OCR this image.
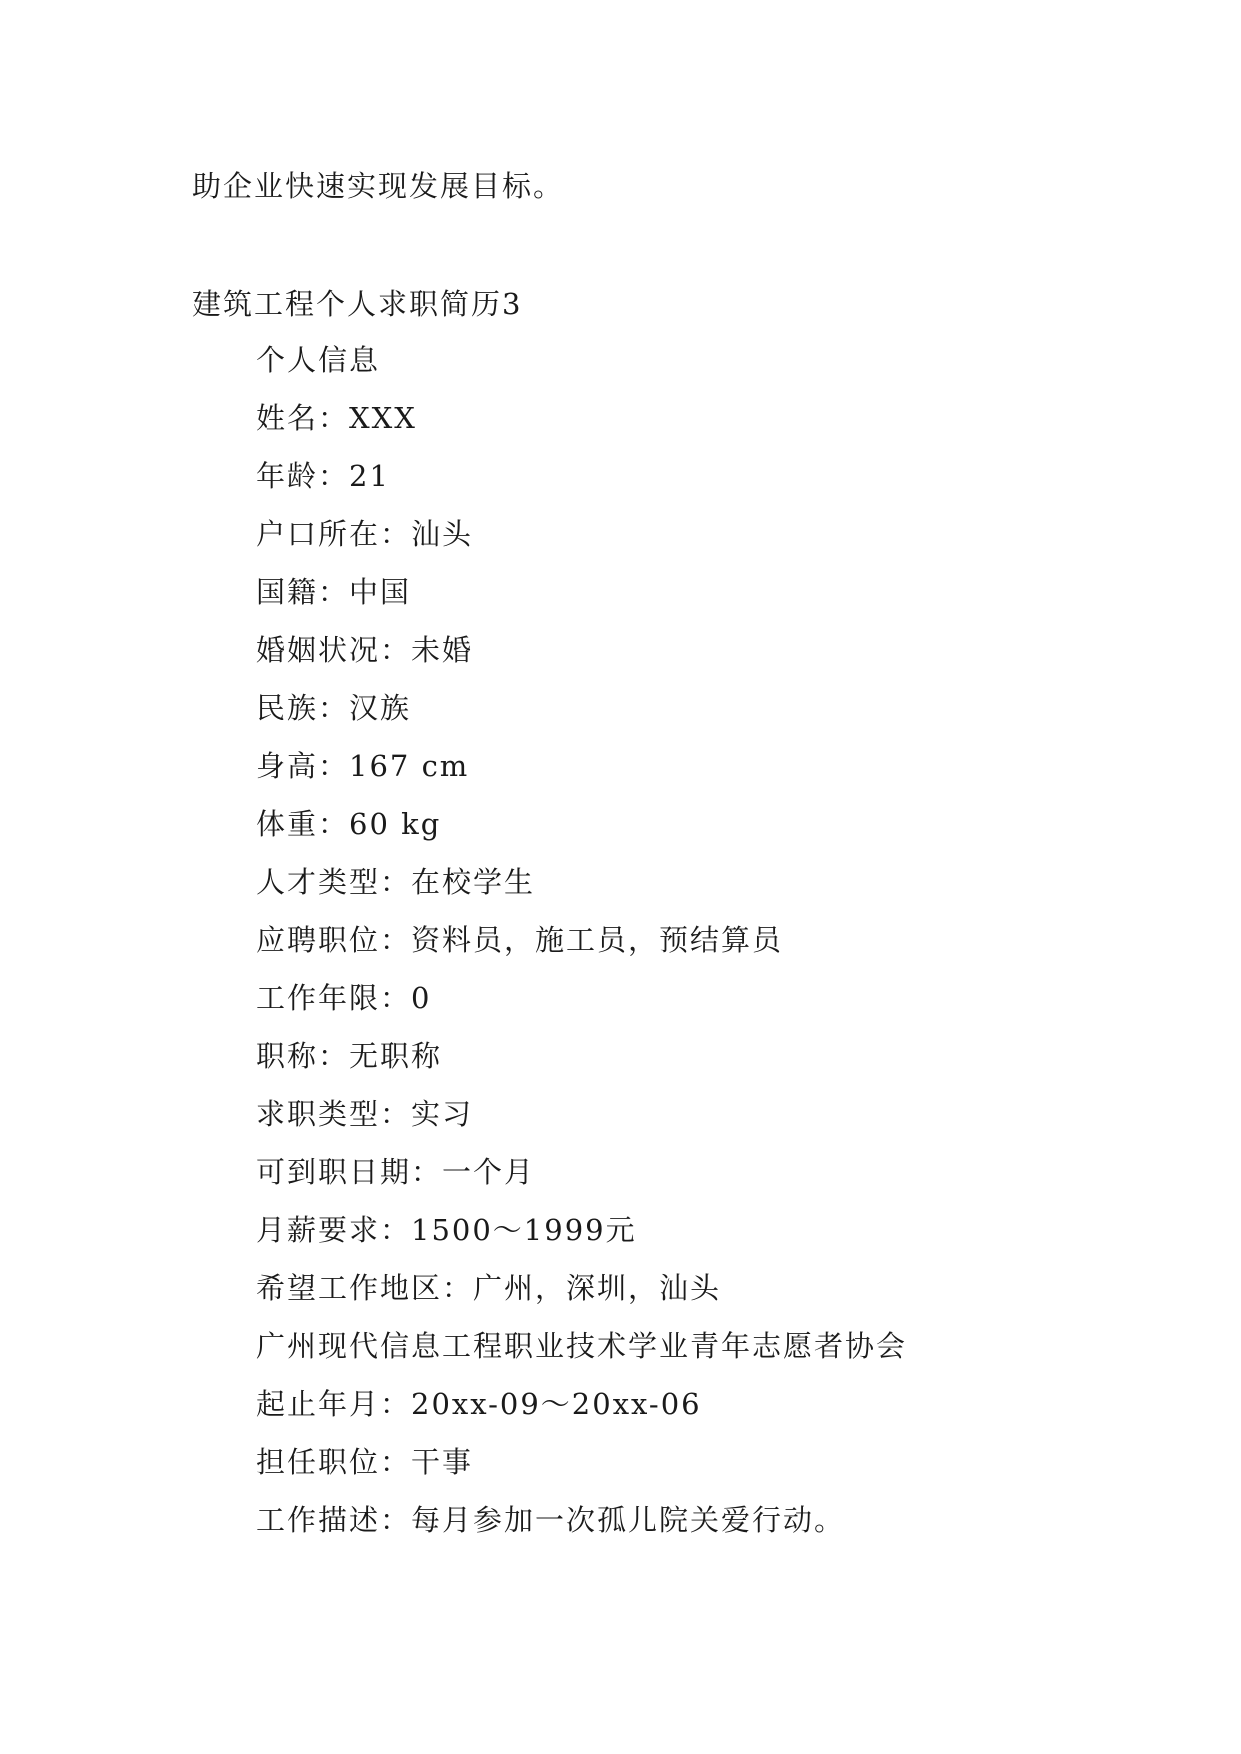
助企业快速实现发展目标。
建筑工程个人求职简历3
个人信息
姓名：XXX
年龄：21
户口所在：汕头
国籍：中国
婚姻状况：未婚
民族：汉族
身高：167 cm
体重：60 kg
人才类型：在校学生
应聘职位：资料员，施工员，预结算员
工作年限：0
职称：无职称
求职类型：实习
可到职日期：一个月
月薪要求：1500～1999元
希望工作地区：广州，深圳，汕头
广州现代信息工程职业技术学业青年志愿者协会
起止年月：20xx-09～20xx-06
担任职位：干事
工作描述：每月参加一次孤儿院关爱行动。
